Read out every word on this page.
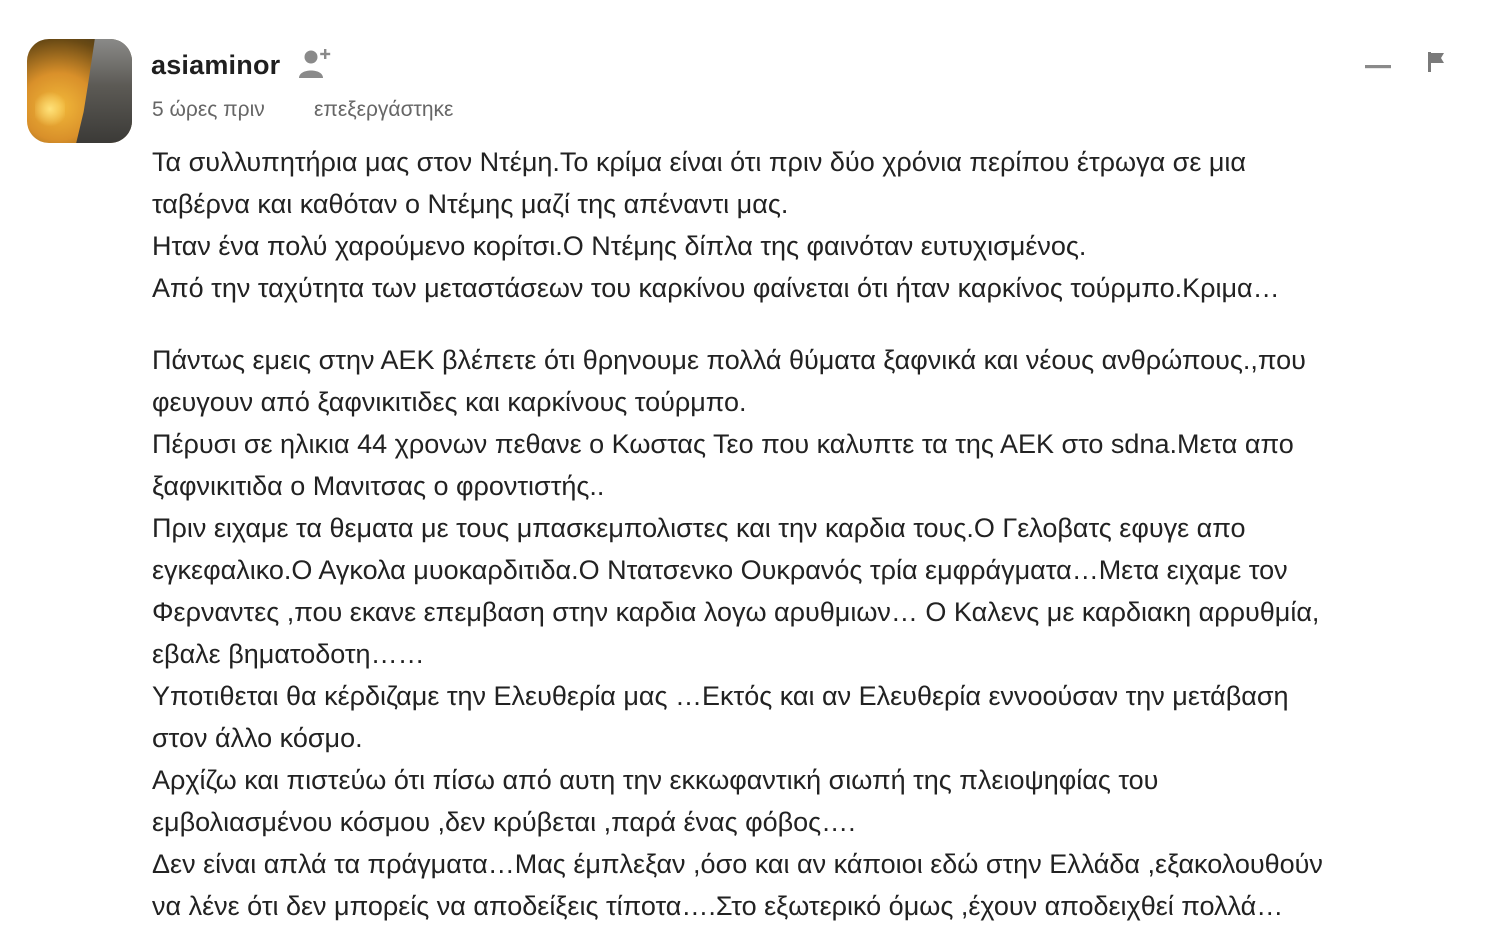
asiaminor
5 ώρες πριν επεξεργάστηκε

Τα συλλυπητήρια μας στον Ντέμη.Το κρίμα είναι ότι πριν δύο χρόνια περίπου έτρωγα σε μια

ταβέρνα και καθόταν ο Ντέμης μαζί της απέναντι μας.

Ηταν ένα πολύ χαρούμενο κορίτσι.Ο Ντέμης δίπλα της φαινόταν ευτυχισμένος.

Από την ταχύτητα των μεταστάσεων του καρκίνου φαίνεται ότι ήταν καρκίνος τούρμπο.Κριμα…

Πάντως εμεις στην ΑΕΚ βλέπετε ότι θρηνουμε πολλά θύματα ξαφνικά και νέους ανθρώπους.,που

φευγουν από ξαφνικιτιδες και καρκίνους τούρμπο.

Πέρυσι σε ηλικια 44 χρονων πεθανε ο Κωστας Τεο που καλυπτε τα της ΑΕΚ στο sdna.Μετα απο

ξαφνικιτιδα ο Μανιτσας ο φροντιστής..

Πριν ειχαμε τα θεματα με τους μπασκεμπολιστες και την καρδια τους.Ο Γελοβατς εφυγε απο

εγκεφαλικο.Ο Αγκολα μυοκαρδιτιδα.Ο Ντατσενκο Ουκρανός τρία εμφράγματα…Μετα ειχαμε τον

Φερναντες ,που εκανε επεμβαση στην καρδια λογω αρυθμιων… Ο Καλενς με καρδιακη αρρυθμία,

εβαλε βηματοδοτη……

Υποτιθεται θα κέρδιζαμε την Ελευθερία μας …Εκτός και αν Ελευθερία εννοούσαν την μετάβαση

στον άλλο κόσμο.

Αρχίζω και πιστεύω ότι πίσω από αυτη την εκκωφαντική σιωπή της πλειοψηφίας του

εμβολιασμένου κόσμου ,δεν κρύβεται ,παρά ένας φόβος….

Δεν είναι απλά τα πράγματα…Μας έμπλεξαν ,όσο και αν κάποιοι εδώ στην Ελλάδα ,εξακολουθούν

να λένε ότι δεν μπορείς να αποδείξεις τίποτα….Στο εξωτερικό όμως ,έχουν αποδειχθεί πολλά…
